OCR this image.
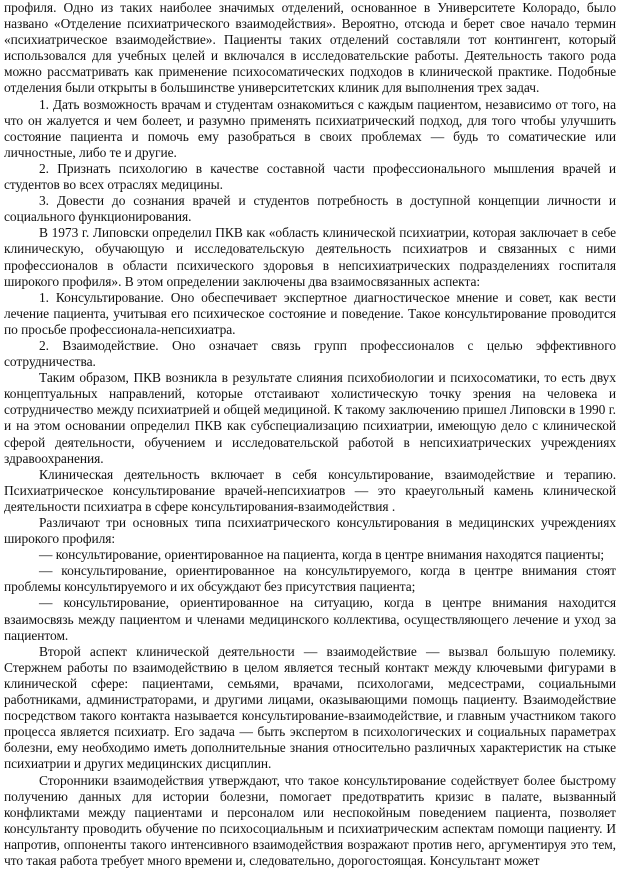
профиля. Одно из таких наиболее значимых отделений, основанное в Университете Колорадо, было названо «Отделение психиатрического взаимодействия». Вероятно, отсюда и берет свое начало термин «психиатрическое взаимодействие». Пациенты таких отделений составляли тот контингент, который использовался для учебных целей и включался в исследовательские работы. Деятельность такого рода можно рассматривать как применение психосоматических подходов в клинической практике. Подобные отделения были открыты в большинстве университетских клиник для выполнения трех задач.

1. Дать возможность врачам и студентам ознакомиться с каждым пациентом, независимо от того, на что он жалуется и чем болеет, и разумно применять психиатрический подход, для того чтобы улучшить состояние пациента и помочь ему разобраться в своих проблемах — будь то соматические или личностные, либо те и другие.

2. Признать психологию в качестве составной части профессионального мышления врачей и студентов во всех отраслях медицины.

3. Довести до сознания врачей и студентов потребность в доступной концепции личности и социального функционирования.

В 1973 г. Липовски определил ПКВ как «область клинической психиатрии, которая заключает в себе клиническую, обучающую и исследовательскую деятельность психиатров и связанных с ними профессионалов в области психического здоровья в непсихиатрических подразделениях госпиталя широкого профиля». В этом определении заключены два взаимосвязанных аспекта:

1. Консультирование. Оно обеспечивает экспертное диагностическое мнение и совет, как вести лечение пациента, учитывая его психическое состояние и поведение. Такое консультирование проводится по просьбе профессионала-непсихиатра.

2. Взаимодействие. Оно означает связь групп профессионалов с целью эффективного сотрудничества.

Таким образом, ПКВ возникла в результате слияния психобиологии и психосоматики, то есть двух концептуальных направлений, которые отстаивают холистическую точку зрения на человека и сотрудничество между психиатрией и общей медициной. К такому заключению пришел Липовски в 1990 г. и на этом основании определил ПКВ как субспециализацию психиатрии, имеющую дело с клинической сферой деятельности, обучением и исследовательской работой в непсихиатрических учреждениях здравоохранения.

Клиническая деятельность включает в себя консультирование, взаимодействие и терапию. Психиатрическое консультирование врачей-непсихиатров — это краеугольный камень клинической деятельности психиатра в сфере консультирования-взаимодействия .

Различают три основных типа психиатрического консультирования в медицинских учреждениях широкого профиля:

— консультирование, ориентированное на пациента, когда в центре внимания находятся пациенты;

— консультирование, ориентированное на консультируемого, когда в центре внимания стоят проблемы консультируемого и их обсуждают без присутствия пациента;

— консультирование, ориентированное на ситуацию, когда в центре внимания находится взаимосвязь между пациентом и членами медицинского коллектива, осуществляющего лечение и уход за пациентом.

Второй аспект клинической деятельности — взаимодействие — вызвал большую полемику. Стержнем работы по взаимодействию в целом является тесный контакт между ключевыми фигурами в клинической сфере: пациентами, семьями, врачами, психологами, медсестрами, социальными работниками, администраторами, и другими лицами, оказывающими помощь пациенту. Взаимодействие посредством такого контакта называется консультирование-взаимодействие, и главным участником такого процесса является психиатр. Его задача — быть экспертом в психологических и социальных параметрах болезни, ему необходимо иметь дополнительные знания относительно различных характеристик на стыке психиатрии и других медицинских дисциплин.

Сторонники взаимодействия утверждают, что такое консультирование содействует более быстрому получению данных для истории болезни, помогает предотвратить кризис в палате, вызванный конфликтами между пациентами и персоналом или неспокойным поведением пациента, позволяет консультанту проводить обучение по психосоциальным и психиатрическим аспектам помощи пациенту. И напротив, оппоненты такого интенсивного взаимодействия возражают против него, аргументируя это тем, что такая работа требует много времени и, следовательно, дорогостоящая. Консультант может
